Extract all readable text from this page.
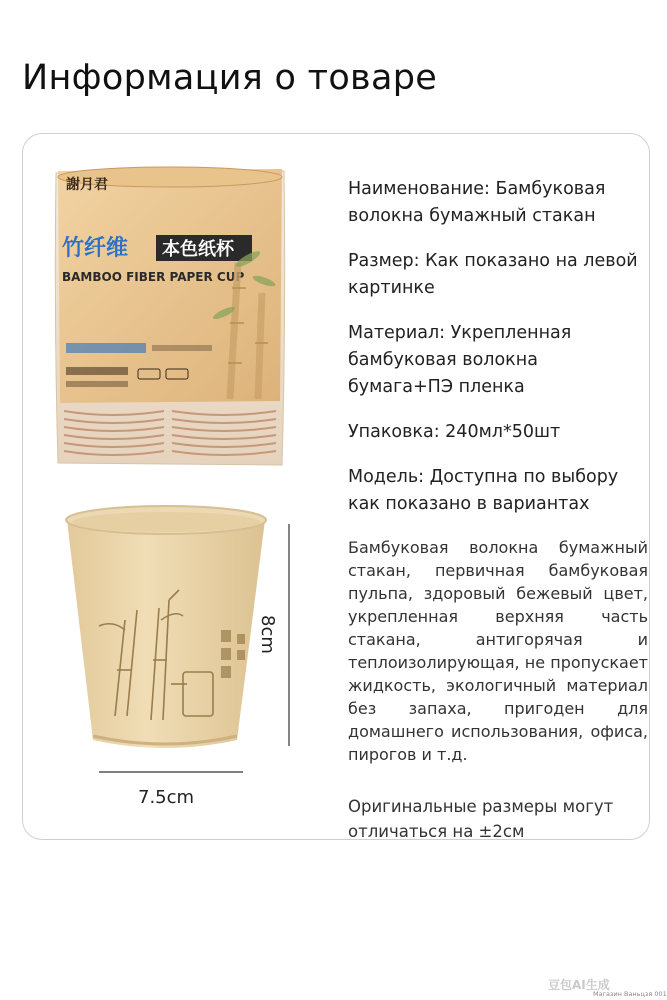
Информация о товаре
謝月君
竹纤维 本色纸杯
BAMBOO FIBER PAPER CUP
7.5cm
8cm

Наименование: Бамбуковая волокна бумажный стакан

Размер: Как показано на левой картинке

Материал: Укрепленная бамбуковая волокна бумага+ПЭ пленка

Упаковка: 240мл*50шт

Модель: Доступна по выбору как показано в вариантах

Бамбуковая волокна бумажный стакан, первичная бамбуковая пульпа, здоровый бежевый цвет, укрепленная верхняя часть стакана, антигорячая и теплоизолирующая, не пропускает жидкость, экологичный материал без запаха, пригоден для домашнего использования, офиса, пирогов и т.д.

Оригинальные размеры могут отличаться на ±2см

豆包AI生成
Магазин Ваньцзя 001
